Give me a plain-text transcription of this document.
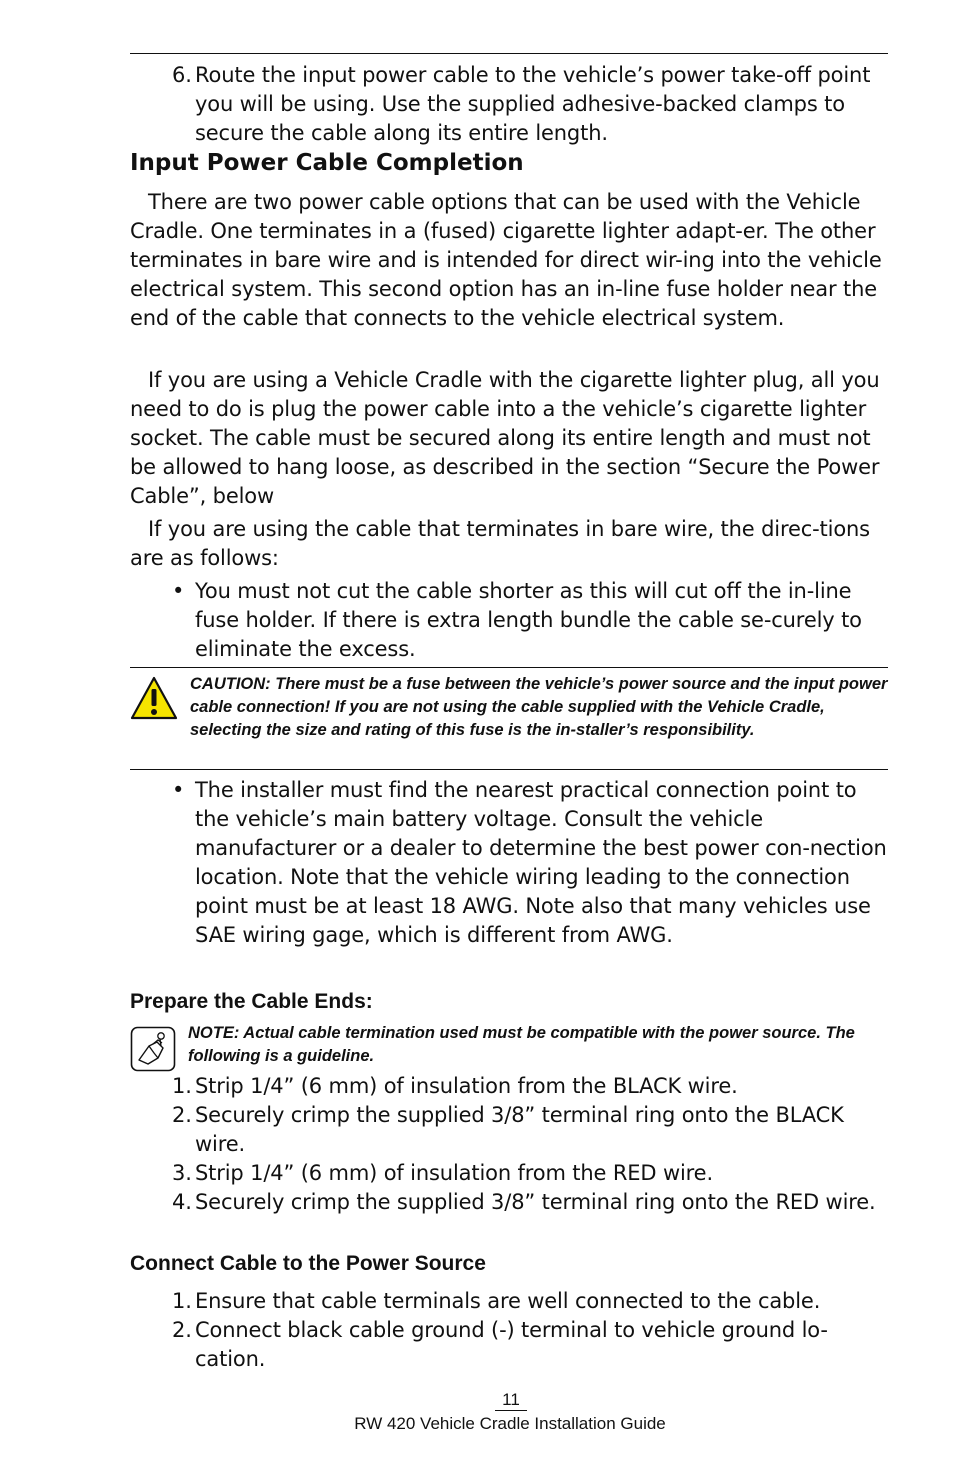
6. Route the input power cable to the vehicle’s power take-off point you will be using. Use the supplied adhesive-backed clamps to secure the cable along its entire length.
Input Power Cable Completion

There are two power cable options that can be used with the Vehicle Cradle. One terminates in a (fused) cigarette lighter adapt-er. The other terminates in bare wire and is intended for direct wir-ing into the vehicle electrical system. This second option has an in-line fuse holder near the end of the cable that connects to the vehicle electrical system.

If you are using a Vehicle Cradle with the cigarette lighter plug, all you need to do is plug the power cable into a the vehicle’s cigarette lighter socket. The cable must be secured along its entire length and must not be allowed to hang loose, as described in the section “Secure the Power Cable”, below

If you are using the cable that terminates in bare wire, the direc-tions are as follows:

• You must not cut the cable shorter as this will cut off the in-line fuse holder. If there is extra length bundle the cable se-curely to eliminate the excess.

CAUTION: There must be a fuse between the vehicle’s power source and the input power cable connection! If you are not using the cable supplied with the Vehicle Cradle, selecting the size and rating of this fuse is the in-staller’s responsibility.

• The installer must find the nearest practical connection point to the vehicle’s main battery voltage. Consult the vehicle manufacturer or a dealer to determine the best power con-nection location. Note that the vehicle wiring leading to the connection point must be at least 18 AWG. Note also that many vehicles use SAE wiring gage, which is different from AWG.
Prepare the Cable Ends:

NOTE: Actual cable termination used must be compatible with the power source. The following is a guideline.

1. Strip 1/4” (6 mm) of insulation from the BLACK wire.
2. Securely crimp the supplied 3/8” terminal ring onto the BLACK wire.
3. Strip 1/4” (6 mm) of insulation from the RED wire.
4. Securely crimp the supplied 3/8” terminal ring onto the RED wire.
Connect Cable to the Power Source
1. Ensure that cable terminals are well connected to the cable.
2. Connect black cable ground (-) terminal to vehicle ground lo-cation.
11
RW 420 Vehicle Cradle Installation Guide
